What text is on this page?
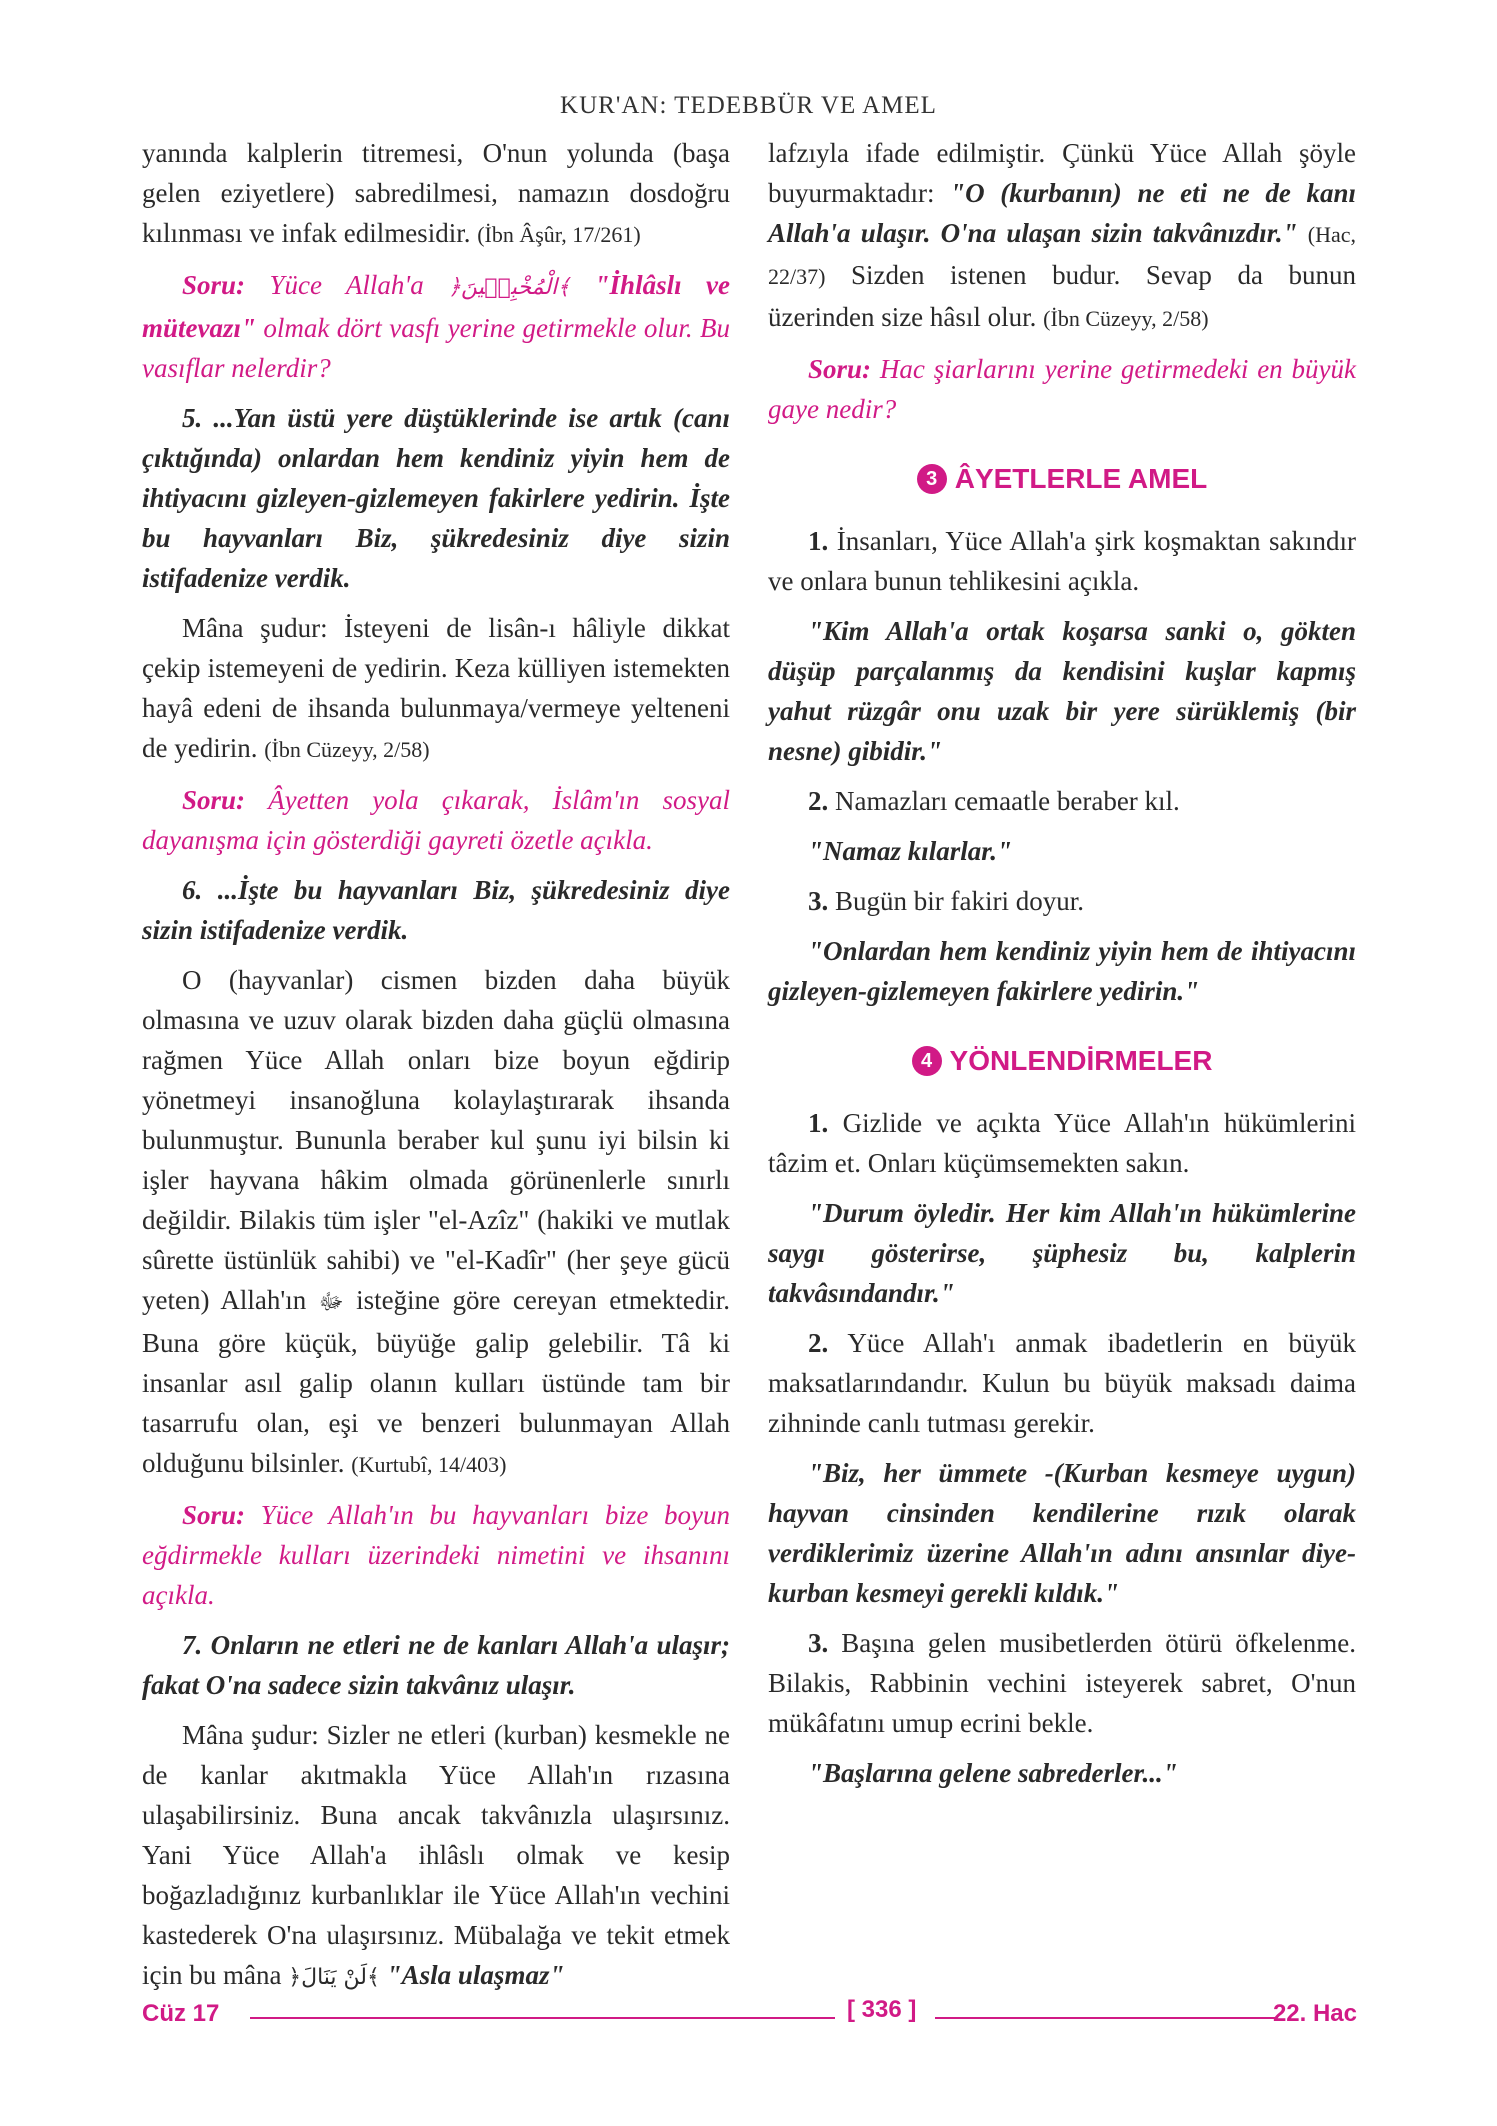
KUR'AN: TEDEBBÜR VE AMEL

yanında kalplerin titremesi, O'nun yolunda (başa gelen eziyetlere) sabredilmesi, namazın dosdoğru kılınması ve infak edilmesidir. (İbn Âşûr, 17/261)

Soru: Yüce Allah'a ﴿الْمُخْبِت۪ينَ﴾ "İhlâslı ve mütevazı" olmak dört vasfı yerine getirmekle olur. Bu vasıflar nelerdir?

5. ...Yan üstü yere düştüklerinde ise artık (canı çıktığında) onlardan hem kendiniz yiyin hem de ihtiyacını gizleyen-gizlemeyen fakirlere yedirin. İşte bu hayvanları Biz, şükredesiniz diye sizin istifadenize verdik.

Mâna şudur: İsteyeni de lisân-ı hâliyle dikkat çekip istemeyeni de yedirin. Keza külliyen istemekten hayâ edeni de ihsanda bulunmaya/vermeye yelteneni de yedirin. (İbn Cüzeyy, 2/58)

Soru: Âyetten yola çıkarak, İslâm'ın sosyal dayanışma için gösterdiği gayreti özetle açıkla.

6. ...İşte bu hayvanları Biz, şükredesiniz diye sizin istifadenize verdik.

O (hayvanlar) cismen bizden daha büyük olmasına ve uzuv olarak bizden daha güçlü olmasına rağmen Yüce Allah onları bize boyun eğdirip yönetmeyi insanoğluna kolaylaştırarak ihsanda bulunmuştur. Bununla beraber kul şunu iyi bilsin ki işler hayvana hâkim olmada görünenlerle sınırlı değildir. Bilakis tüm işler "el-Azîz" (hakiki ve mutlak sûrette üstünlük sahibi) ve "el-Kadîr" (her şeye gücü yeten) Allah'ın ﷻ isteğine göre cereyan etmektedir. Buna göre küçük, büyüğe galip gelebilir. Tâ ki insanlar asıl galip olanın kulları üstünde tam bir tasarrufu olan, eşi ve benzeri bulunmayan Allah olduğunu bilsinler. (Kurtubî, 14/403)

Soru: Yüce Allah'ın bu hayvanları bize boyun eğdirmekle kulları üzerindeki nimetini ve ihsanını açıkla.

7. Onların ne etleri ne de kanları Allah'a ulaşır; fakat O'na sadece sizin takvânız ulaşır.

Mâna şudur: Sizler ne etleri (kurban) kesmekle ne de kanlar akıtmakla Yüce Allah'ın rızasına ulaşabilirsiniz. Buna ancak takvânızla ulaşırsınız. Yani Yüce Allah'a ihlâslı olmak ve kesip boğazladığınız kurbanlıklar ile Yüce Allah'ın vechini kastederek O'na ulaşırsınız. Mübalağa ve tekit etmek için bu mâna ﴿لَنْ يَنَالَ﴾ "Asla ulaşmaz"

lafzıyla ifade edilmiştir. Çünkü Yüce Allah şöyle buyurmaktadır: "O (kurbanın) ne eti ne de kanı Allah'a ulaşır. O'na ulaşan sizin takvânızdır." (Hac, 22/37) Sizden istenen budur. Sevap da bunun üzerinden size hâsıl olur. (İbn Cüzeyy, 2/58)

Soru: Hac şiarlarını yerine getirmedeki en büyük gaye nedir?

3 ÂYETLERLE AMEL

1. İnsanları, Yüce Allah'a şirk koşmaktan sakındır ve onlara bunun tehlikesini açıkla.

"Kim Allah'a ortak koşarsa sanki o, gökten düşüp parçalanmış da kendisini kuşlar kapmış yahut rüzgâr onu uzak bir yere sürüklemiş (bir nesne) gibidir."

2. Namazları cemaatle beraber kıl.

"Namaz kılarlar."

3. Bugün bir fakiri doyur.

"Onlardan hem kendiniz yiyin hem de ihtiyacını gizleyen-gizlemeyen fakirlere yedirin."

4 YÖNLENDİRMELER

1. Gizlide ve açıkta Yüce Allah'ın hükümlerini tâzim et. Onları küçümsemekten sakın.

"Durum öyledir. Her kim Allah'ın hükümlerine saygı gösterirse, şüphesiz bu, kalplerin takvâsındandır."

2. Yüce Allah'ı anmak ibadetlerin en büyük maksatlarındandır. Kulun bu büyük maksadı daima zihninde canlı tutması gerekir.

"Biz, her ümmete -(Kurban kesmeye uygun) hayvan cinsinden kendilerine rızık olarak verdiklerimiz üzerine Allah'ın adını ansınlar diye- kurban kesmeyi gerekli kıldık."

3. Başına gelen musibetlerden ötürü öfkelenme. Bilakis, Rabbinin vechini isteyerek sabret, O'nun mükâfatını umup ecrini bekle.

"Başlarına gelene sabrederler..."

Cüz 17	[ 336 ]	22. Hac
